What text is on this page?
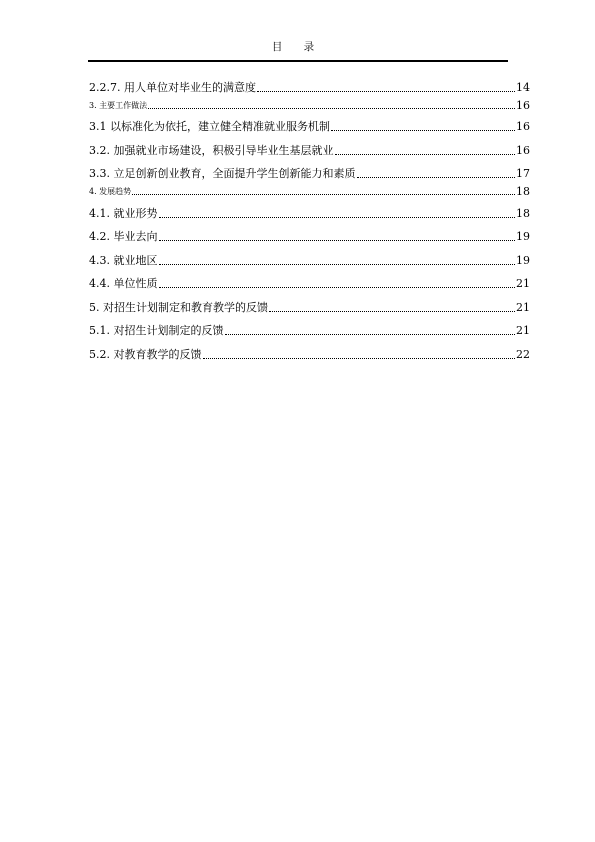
目 录
2.2.7. 用人单位对毕业生的满意度	14
3. 主要工作做法	16
3.1 以标准化为依托，建立健全精准就业服务机制	16
3.2. 加强就业市场建设，积极引导毕业生基层就业	16
3.3. 立足创新创业教育，全面提升学生创新能力和素质	17
4. 发展趋势	18
4.1. 就业形势	18
4.2. 毕业去向	19
4.3. 就业地区	19
4.4. 单位性质	21
5. 对招生计划制定和教育教学的反馈	21
5.1. 对招生计划制定的反馈	21
5.2. 对教育教学的反馈	22
